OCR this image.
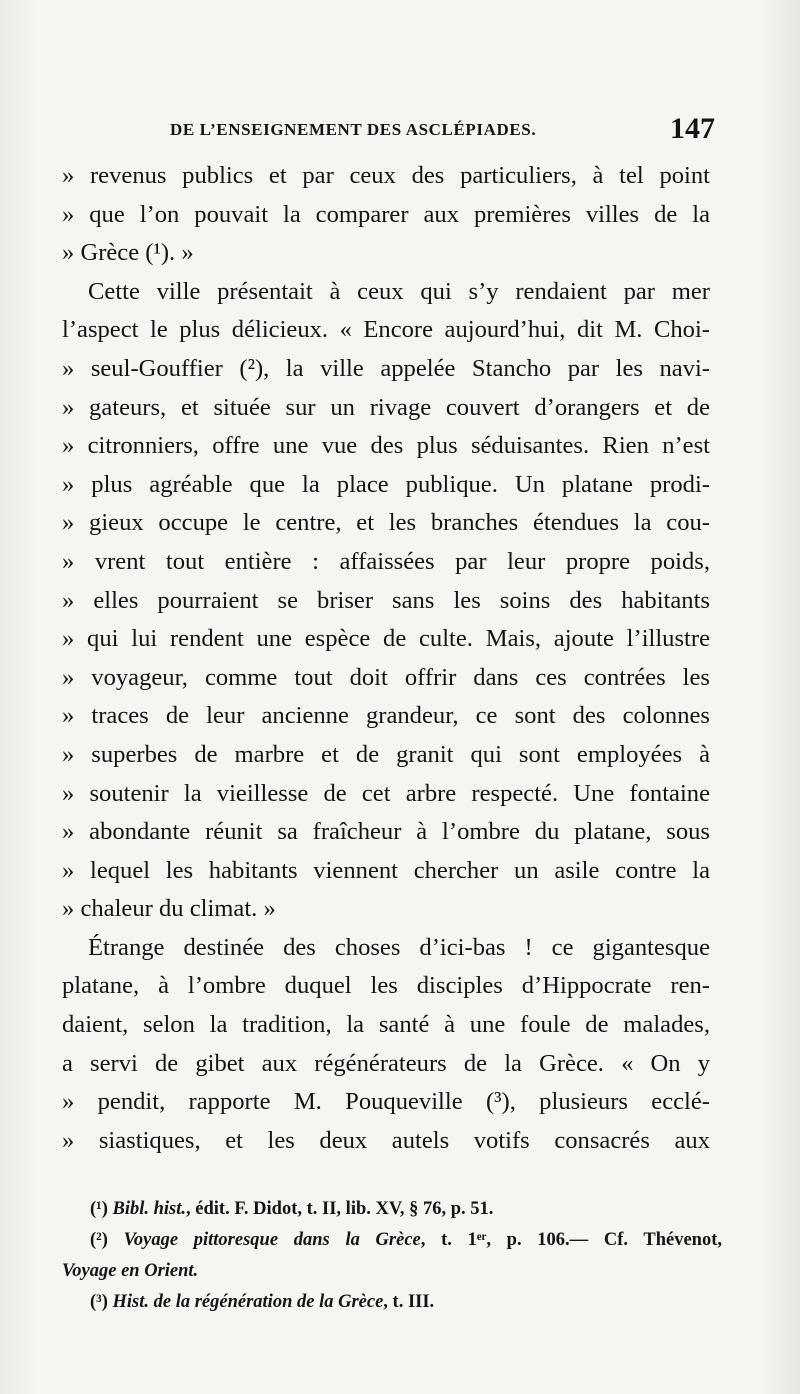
DE L’ENSEIGNEMENT DES ASCLÉPIADES.	147
» revenus publics et par ceux des particuliers, à tel point
» que l’on pouvait la comparer aux premières villes de la
» Grèce (¹). »
Cette ville présentait à ceux qui s’y rendaient par mer
l’aspect le plus délicieux. « Encore aujourd’hui, dit M. Choi-
» seul-Gouffier (²), la ville appelée Stancho par les navi-
» gateurs, et située sur un rivage couvert d’orangers et de
» citronniers, offre une vue des plus séduisantes. Rien n’est
» plus agréable que la place publique. Un platane prodi-
» gieux occupe le centre, et les branches étendues la cou-
» vrent tout entière : affaissées par leur propre poids,
» elles pourraient se briser sans les soins des habitants
» qui lui rendent une espèce de culte. Mais, ajoute l’illustre
» voyageur, comme tout doit offrir dans ces contrées les
» traces de leur ancienne grandeur, ce sont des colonnes
» superbes de marbre et de granit qui sont employées à
» soutenir la vieillesse de cet arbre respecté. Une fontaine
» abondante réunit sa fraîcheur à l’ombre du platane, sous
» lequel les habitants viennent chercher un asile contre la
» chaleur du climat. »
Étrange destinée des choses d’ici-bas ! ce gigantesque
platane, à l’ombre duquel les disciples d’Hippocrate ren-
daient, selon la tradition, la santé à une foule de malades,
a servi de gibet aux régénérateurs de la Grèce. « On y
» pendit, rapporte M. Pouqueville (³), plusieurs ecclé-
» siastiques, et les deux autels votifs consacrés aux
(¹) Bibl. hist., édit. F. Didot, t. II, lib. XV, § 76, p. 51.
(²) Voyage pittoresque dans la Grèce, t. 1ᵉʳ, p. 106.— Cf. Thévenot,
Voyage en Orient.
(³) Hist. de la régénération de la Grèce, t. III.
